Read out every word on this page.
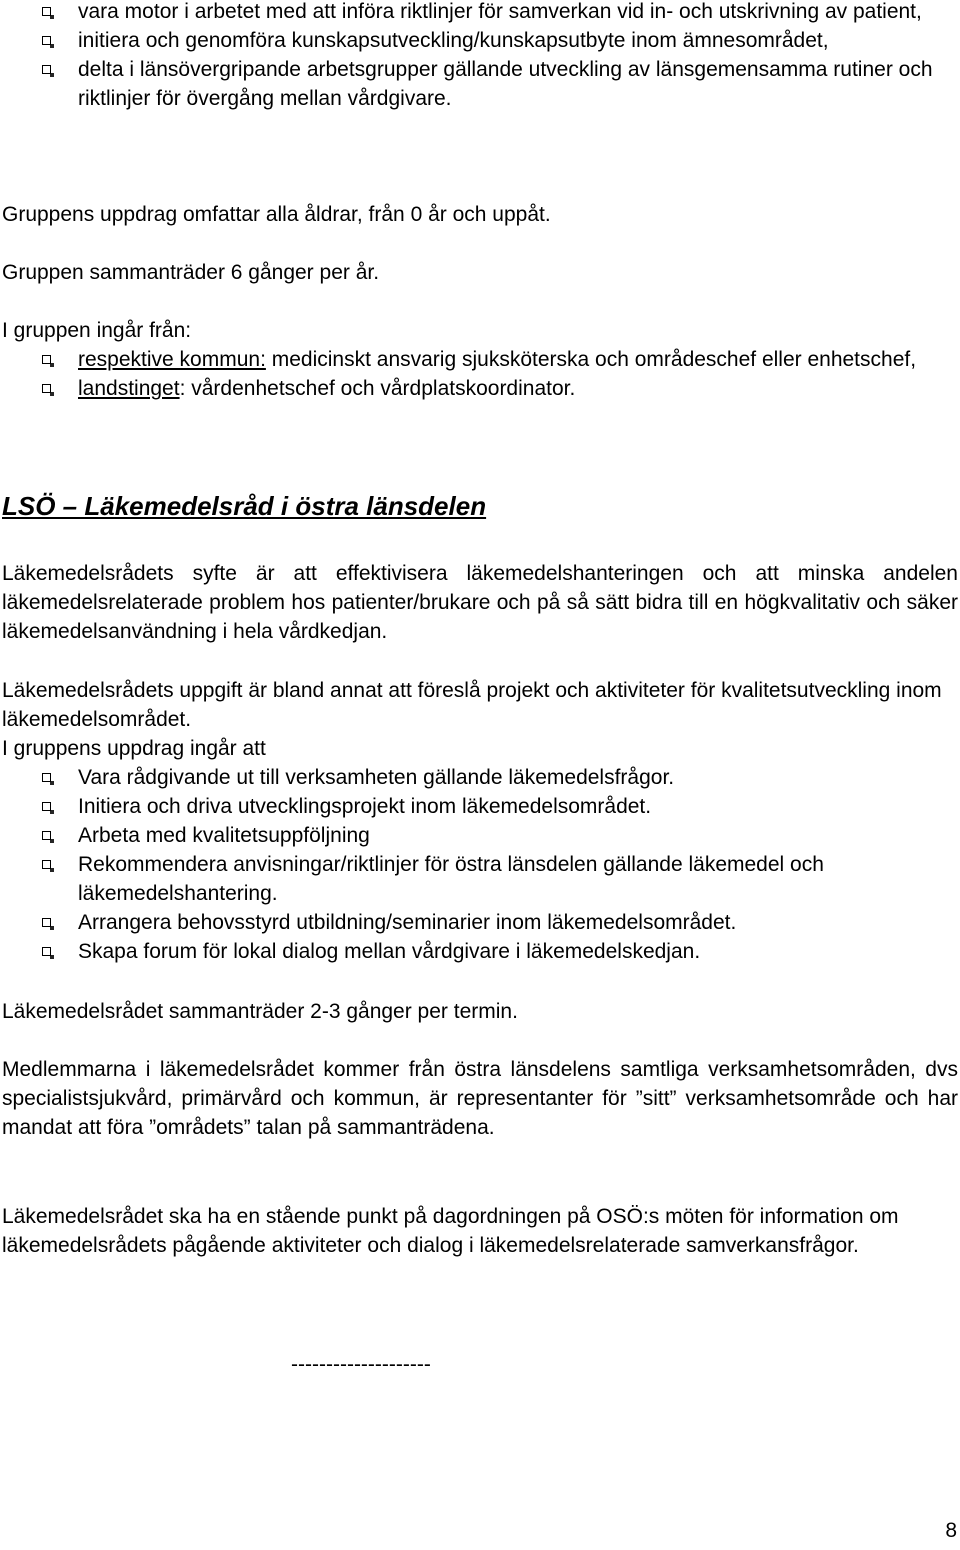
vara motor i arbetet med att införa riktlinjer för samverkan vid in- och utskrivning av patient,
initiera och genomföra kunskapsutveckling/kunskapsutbyte inom ämnesområdet,
delta i länsövergripande arbetsgrupper gällande utveckling av länsgemensamma rutiner och riktlinjer för övergång mellan vårdgivare.

Gruppens uppdrag omfattar alla åldrar, från 0 år och uppåt.

Gruppen sammanträder 6 gånger per år.

I gruppen ingår från:

respektive kommun: medicinskt ansvarig sjuksköterska och områdeschef eller enhetschef,
landstinget: vårdenhetschef och vårdplatskoordinator.

LSÖ – Läkemedelsråd i östra länsdelen

Läkemedelsrådets syfte är att effektivisera läkemedelshanteringen och att minska andelen läkemedelsrelaterade problem hos patienter/brukare och på så sätt bidra till en högkvalitativ och säker läkemedelsanvändning i hela vårdkedjan.

Läkemedelsrådets uppgift är bland annat att föreslå projekt och aktiviteter för kvalitetsutveckling inom läkemedelsområdet.

I gruppens uppdrag ingår att

Vara rådgivande ut till verksamheten gällande läkemedelsfrågor.
Initiera och driva utvecklingsprojekt inom läkemedelsområdet.
Arbeta med kvalitetsuppföljning
Rekommendera anvisningar/riktlinjer för östra länsdelen gällande läkemedel och läkemedelshantering.
Arrangera behovsstyrd utbildning/seminarier inom läkemedelsområdet.
Skapa forum för lokal dialog mellan vårdgivare i läkemedelskedjan.

Läkemedelsrådet sammanträder 2-3 gånger per termin.

Medlemmarna i läkemedelsrådet kommer från östra länsdelens samtliga verksamhetsområden, dvs specialistsjukvård, primärvård och kommun, är representanter för ”sitt” verksamhetsområde och har mandat att föra ”områdets” talan på sammanträdena.

Läkemedelsrådet ska ha en stående punkt på dagordningen på OSÖ:s möten för information om läkemedelsrådets pågående aktiviteter och dialog i läkemedelsrelaterade samverkansfrågor.

--------------------

8
